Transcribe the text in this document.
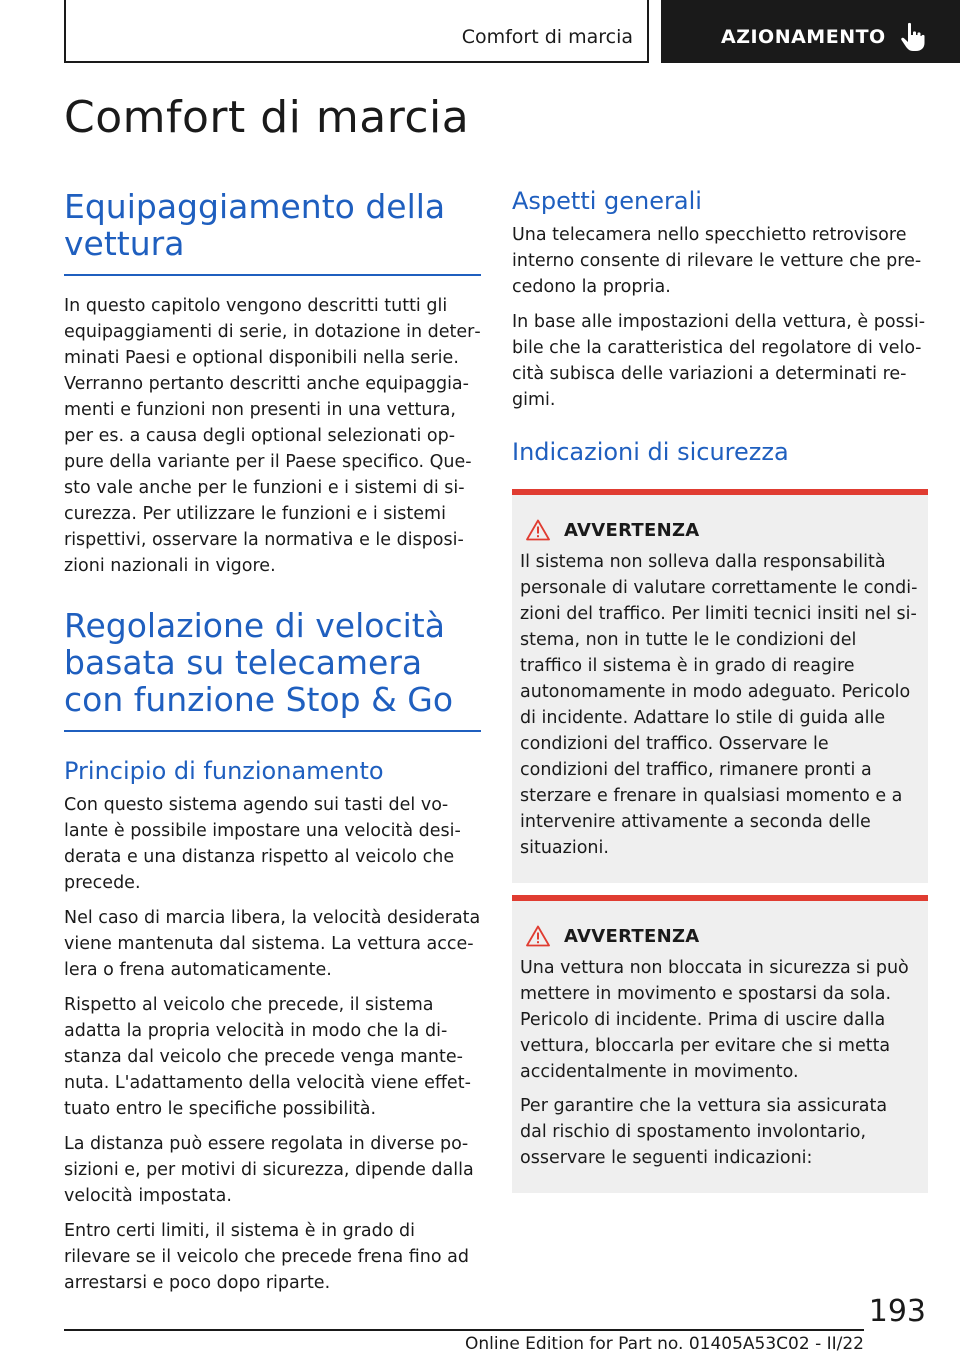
Comfort di marcia	AZIONAMENTO
Comfort di marcia
Equipaggiamento della vettura

In questo capitolo vengono descritti tutti gli equipaggiamenti di serie, in dotazione in determinati Paesi e optional disponibili nella serie. Verranno pertanto descritti anche equipaggiamenti e funzioni non presenti in una vettura, per es. a causa degli optional selezionati oppure della variante per il Paese specifico. Questo vale anche per le funzioni e i sistemi di sicurezza. Per utilizzare le funzioni e i sistemi rispettivi, osservare la normativa e le disposizioni nazionali in vigore.

Regolazione di velocità basata su telecamera con funzione Stop & Go
Principio di funzionamento

Con questo sistema agendo sui tasti del volante è possibile impostare una velocità desiderata e una distanza rispetto al veicolo che precede.

Nel caso di marcia libera, la velocità desiderata viene mantenuta dal sistema. La vettura accelera o frena automaticamente.

Rispetto al veicolo che precede, il sistema adatta la propria velocità in modo che la distanza dal veicolo che precede venga mantenuta. L'adattamento della velocità viene effettuato entro le specifiche possibilità.

La distanza può essere regolata in diverse posizioni e, per motivi di sicurezza, dipende dalla velocità impostata.

Entro certi limiti, il sistema è in grado di rilevare se il veicolo che precede frena fino ad arrestarsi e poco dopo riparte.

Aspetti generali

Una telecamera nello specchietto retrovisore interno consente di rilevare le vetture che precedono la propria.

In base alle impostazioni della vettura, è possibile che la caratteristica del regolatore di velocità subisca delle variazioni a determinati regimi.

Indicazioni di sicurezza
AVVERTENZA

Il sistema non solleva dalla responsabilità personale di valutare correttamente le condizioni del traffico. Per limiti tecnici insiti nel sistema, non in tutte le le condizioni del traffico il sistema è in grado di reagire autonomamente in modo adeguato. Pericolo di incidente. Adattare lo stile di guida alle condizioni del traffico. Osservare le condizioni del traffico, rimanere pronti a sterzare e frenare in qualsiasi momento e a intervenire attivamente a seconda delle situazioni.

AVVERTENZA

Una vettura non bloccata in sicurezza si può mettere in movimento e spostarsi da sola. Pericolo di incidente. Prima di uscire dalla vettura, bloccarla per evitare che si metta accidentalmente in movimento.

Per garantire che la vettura sia assicurata dal rischio di spostamento involontario, osservare le seguenti indicazioni:

193
Online Edition for Part no. 01405A53C02 - II/22
